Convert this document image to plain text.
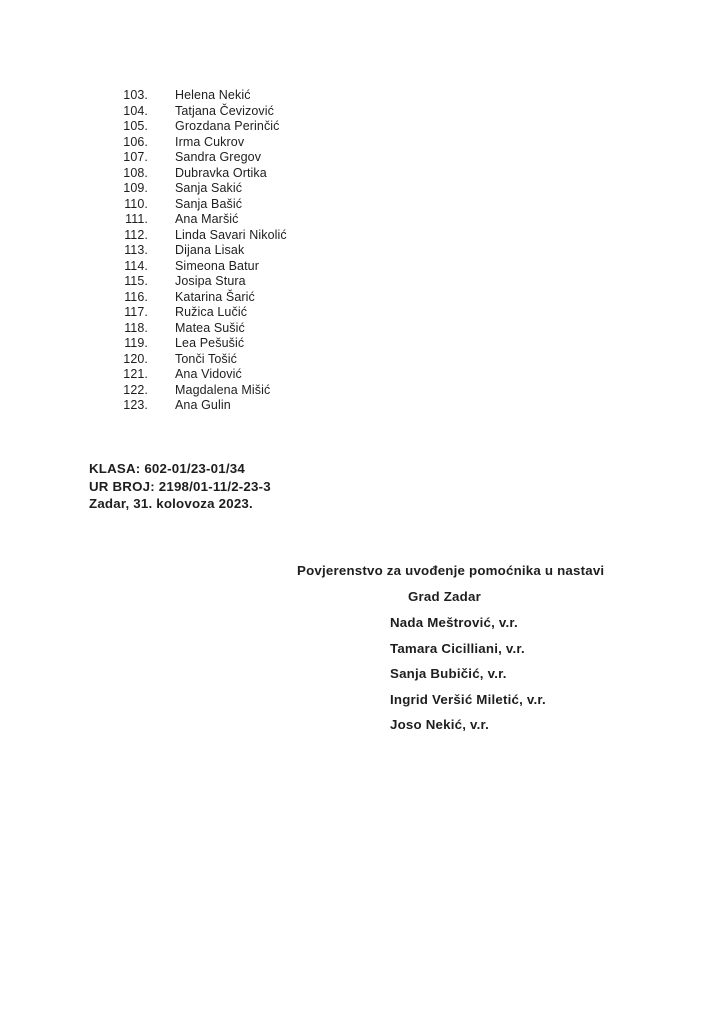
103. Helena Nekić
104. Tatjana Čevizović
105. Grozdana Perinčić
106. Irma Cukrov
107. Sandra Gregov
108. Dubravka Ortika
109. Sanja Sakić
110. Sanja Bašić
111. Ana Maršić
112. Linda Savari Nikolić
113. Dijana Lisak
114. Simeona Batur
115. Josipa Stura
116. Katarina Šarić
117. Ružica Lučić
118. Matea Sušić
119. Lea Pešušić
120. Tonči Tošić
121. Ana Vidović
122. Magdalena Mišić
123. Ana Gulin
KLASA: 602-01/23-01/34
UR BROJ: 2198/01-11/2-23-3
Zadar, 31. kolovoza 2023.
Povjerenstvo za uvođenje pomoćnika u nastavi
Grad Zadar
Nada Meštrović, v.r.
Tamara Cicilliani, v.r.
Sanja Bubičić, v.r.
Ingrid Veršić Miletić, v.r.
Joso Nekić, v.r.
